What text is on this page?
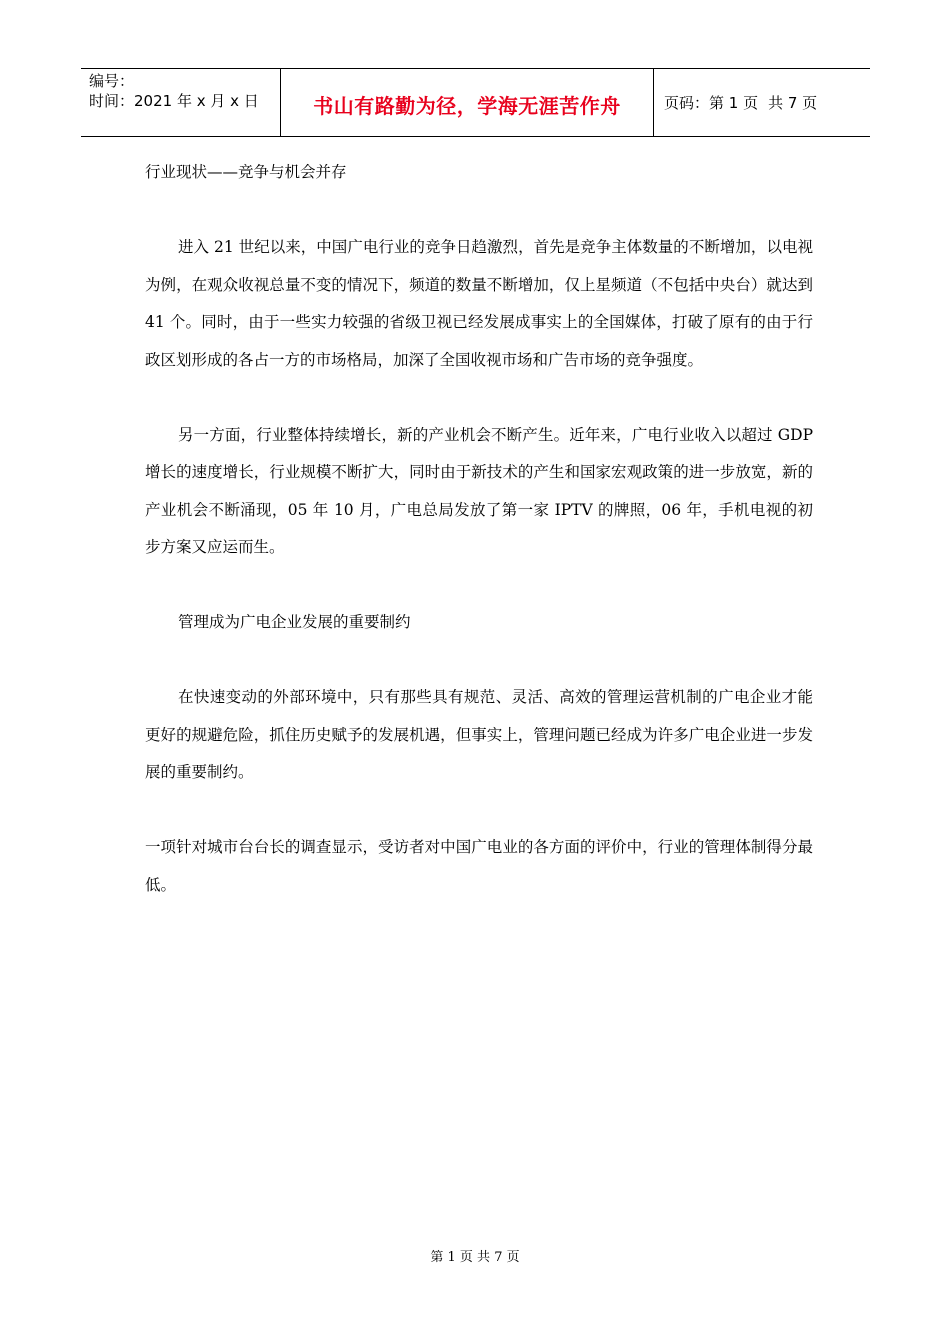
编号：
时间：2021 年 x 月 x 日	书山有路勤为径，学海无涯苦作舟	页码：第 1 页 共 7 页

行业现状——竞争与机会并存

进入 21 世纪以来，中国广电行业的竞争日趋激烈，首先是竞争主体数量的不断增加，以电视为例，在观众收视总量不变的情况下，频道的数量不断增加，仅上星频道（不包括中央台）就达到 41 个。同时，由于一些实力较强的省级卫视已经发展成事实上的全国媒体，打破了原有的由于行政区划形成的各占一方的市场格局，加深了全国收视市场和广告市场的竞争强度。

另一方面，行业整体持续增长，新的产业机会不断产生。近年来，广电行业收入以超过 GDP 增长的速度增长，行业规模不断扩大，同时由于新技术的产生和国家宏观政策的进一步放宽，新的产业机会不断涌现，05 年 10 月，广电总局发放了第一家 IPTV 的牌照，06 年，手机电视的初步方案又应运而生。

管理成为广电企业发展的重要制约

在快速变动的外部环境中，只有那些具有规范、灵活、高效的管理运营机制的广电企业才能更好的规避危险，抓住历史赋予的发展机遇，但事实上，管理问题已经成为许多广电企业进一步发展的重要制约。

一项针对城市台台长的调查显示，受访者对中国广电业的各方面的评价中，行业的管理体制得分最低。

第 1 页 共 7 页
